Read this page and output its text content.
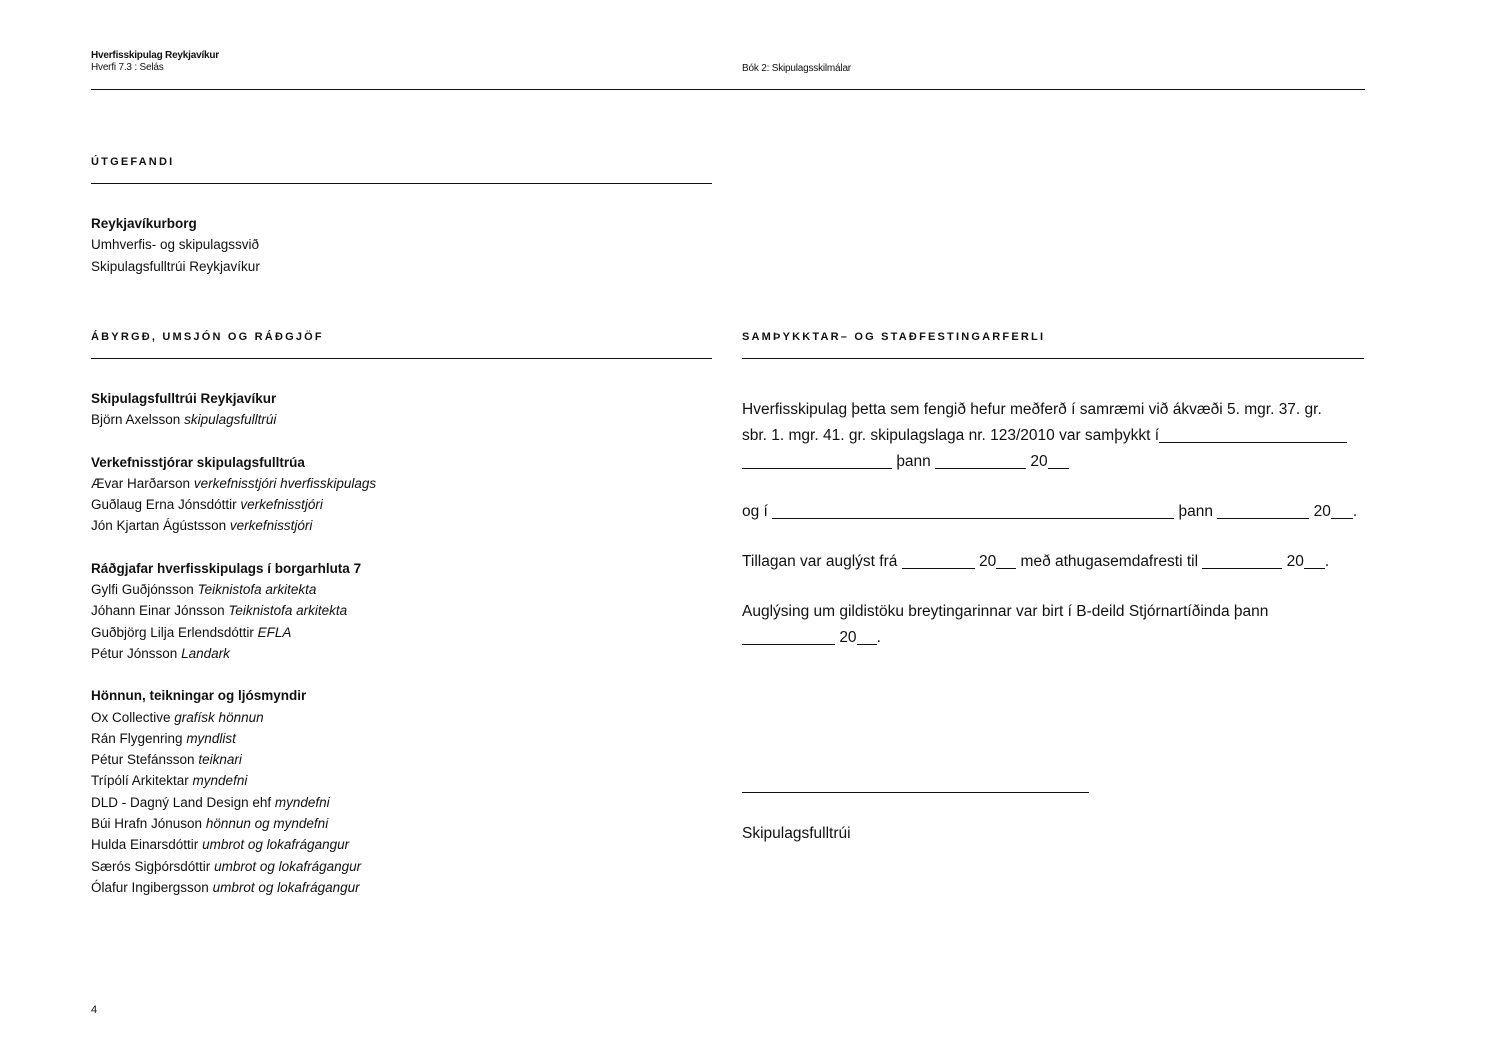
Hverfisskipulag Reykjavíkur
Hverfi 7.3 : Selás	Bók 2: Skipulagsskilmálar
ÚTGEFANDI
Reykjavíkurborg
Umhverfis- og skipulagssvið
Skipulagsfulltrúi Reykjavíkur
ÁBYRGÐ, UMSJÓN OG RÁÐGJÖF
Skipulagsfulltrúi Reykjavíkur
Björn Axelsson skipulagsfulltrúi
Verkefnisstjórar skipulagsfulltrúa
Ævar Harðarson verkefnisstjóri hverfisskipulags
Guðlaug Erna Jónsdóttir verkefnisstjóri
Jón Kjartan Ágústsson verkefnisstjóri
Ráðgjafar hverfisskipulags í borgarhluta 7
Gylfi Guðjónsson Teiknistofa arkitekta
Jóhann Einar Jónsson Teiknistofa arkitekta
Guðbjörg Lilja Erlendsdóttir EFLA
Pétur Jónsson Landark
Hönnun, teikningar og ljósmyndir
Ox Collective grafísk hönnun
Rán Flygenring myndlist
Pétur Stefánsson teiknari
Trípólí Arkitektar myndefni
DLD - Dagný Land Design ehf myndefni
Búi Hrafn Jónuson hönnun og myndefni
Hulda Einarsdóttir umbrot og lokafrágangur
Særós Sigþórsdóttir umbrot og lokafrágangur
Ólafur Ingibergsson umbrot og lokafrágangur
SAMÞYKKTAR– OG STAÐFESTINGARFERLI
Hverfisskipulag þetta sem fengið hefur meðferð í samræmi við ákvæði 5. mgr. 37. gr.
sbr. 1. mgr. 41. gr. skipulagslaga nr. 123/2010 var samþykkt í
þann	20
og í	þann	20 .
Tillagan var auglýst frá	20 með athugasemdafresti til	20 .
Auglýsing um gildistöku breytingarinnar var birt í B-deild Stjórnartíðinda þann
20 .
Skipulagsfulltrúi
4
